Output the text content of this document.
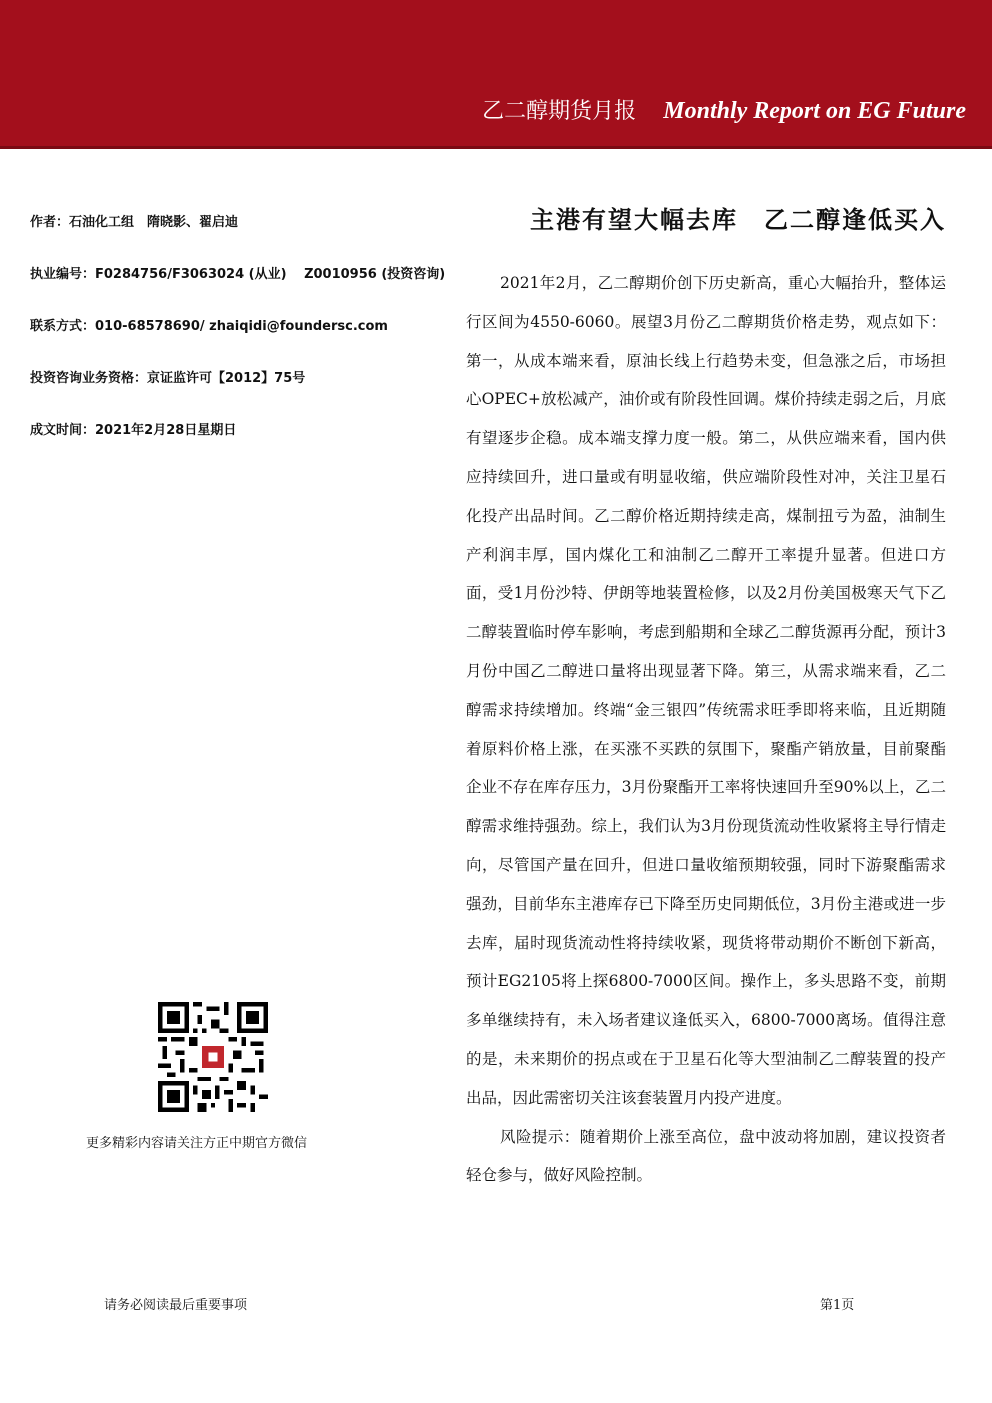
乙二醇期货月报 Monthly Report on EG Future
作者：石油化工组　隋晓影、翟启迪
执业编号：F0284756/F3063024 (从业)　 Z0010956 (投资咨询)
联系方式：010-68578690/ zhaiqidi@foundersc.com
投资咨询业务资格：京证监许可【2012】75号
成文时间：2021年2月28日星期日
更多精彩内容请关注方正中期官方微信
主港有望大幅去库　乙二醇逢低买入

2021年2月，乙二醇期价创下历史新高，重心大幅抬升，整体运行区间为4550-6060。展望3月份乙二醇期货价格走势，观点如下：第一，从成本端来看，原油长线上行趋势未变，但急涨之后，市场担心OPEC+放松减产，油价或有阶段性回调。煤价持续走弱之后，月底有望逐步企稳。成本端支撑力度一般。第二，从供应端来看，国内供应持续回升，进口量或有明显收缩，供应端阶段性对冲，关注卫星石化投产出品时间。乙二醇价格近期持续走高，煤制扭亏为盈，油制生产利润丰厚，国内煤化工和油制乙二醇开工率提升显著。但进口方面，受1月份沙特、伊朗等地装置检修，以及2月份美国极寒天气下乙二醇装置临时停车影响，考虑到船期和全球乙二醇货源再分配，预计3月份中国乙二醇进口量将出现显著下降。第三，从需求端来看，乙二醇需求持续增加。终端“金三银四”传统需求旺季即将来临，且近期随着原料价格上涨，在买涨不买跌的氛围下，聚酯产销放量，目前聚酯企业不存在库存压力，3月份聚酯开工率将快速回升至90%以上，乙二醇需求维持强劲。综上，我们认为3月份现货流动性收紧将主导行情走向，尽管国产量在回升，但进口量收缩预期较强，同时下游聚酯需求强劲，目前华东主港库存已下降至历史同期低位，3月份主港或进一步去库，届时现货流动性将持续收紧，现货将带动期价不断创下新高，预计EG2105将上探6800-7000区间。操作上，多头思路不变，前期多单继续持有，未入场者建议逢低买入，6800-7000离场。值得注意的是，未来期价的拐点或在于卫星石化等大型油制乙二醇装置的投产出品，因此需密切关注该套装置月内投产进度。

风险提示：随着期价上涨至高位，盘中波动将加剧，建议投资者轻仓参与，做好风险控制。

请务必阅读最后重要事项	第1页
